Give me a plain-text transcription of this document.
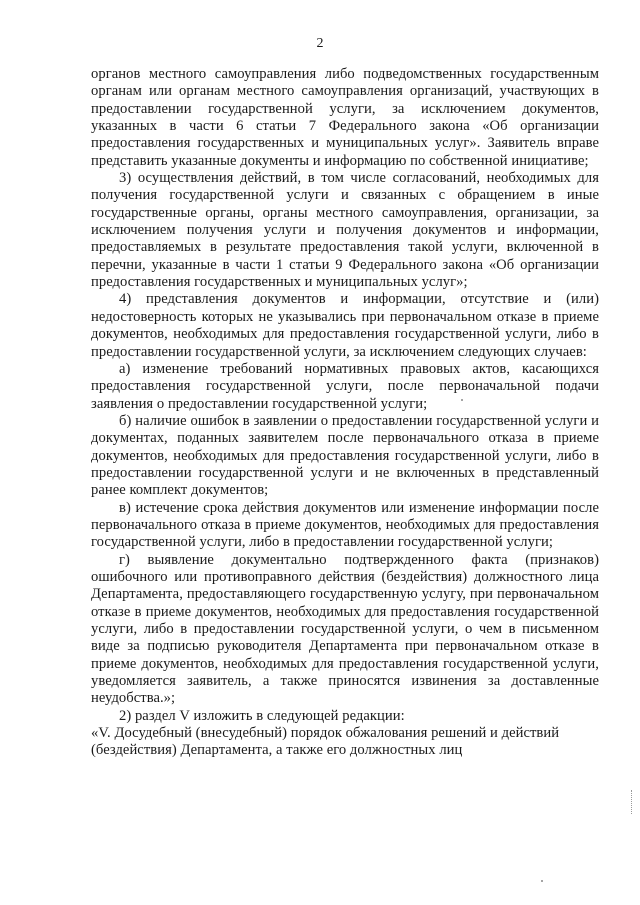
2

органов местного самоуправления либо подведомственных государственным органам или органам местного самоуправления организаций, участвующих в предоставлении государственной услуги, за исключением документов, указанных в части 6 статьи 7 Федерального закона «Об организации предоставления государственных и муниципальных услуг». Заявитель вправе представить указанные документы и информацию по собственной инициативе;

3) осуществления действий, в том числе согласований, необходимых для получения государственной услуги и связанных с обращением в иные государственные органы, органы местного самоуправления, организации, за исключением получения услуги и получения документов и информации, предоставляемых в результате предоставления такой услуги, включенной в перечни, указанные в части 1 статьи 9 Федерального закона «Об организации предоставления государственных и муниципальных услуг»;

4) представления документов и информации, отсутствие и (или) недостоверность которых не указывались при первоначальном отказе в приеме документов, необходимых для предоставления государственной услуги, либо в предоставлении государственной услуги, за исключением следующих случаев:

а) изменение требований нормативных правовых актов, касающихся предоставления государственной услуги, после первоначальной подачи заявления о предоставлении государственной услуги;

б) наличие ошибок в заявлении о предоставлении государственной услуги и документах, поданных заявителем после первоначального отказа в приеме документов, необходимых для предоставления государственной услуги, либо в предоставлении государственной услуги и не включенных в представленный ранее комплект документов;

в) истечение срока действия документов или изменение информации после первоначального отказа в приеме документов, необходимых для предоставления государственной услуги, либо в предоставлении государственной услуги;

г) выявление документально подтвержденного факта (признаков) ошибочного или противоправного действия (бездействия) должностного лица Департамента, предоставляющего государственную услугу, при первоначальном отказе в приеме документов, необходимых для предоставления государственной услуги, либо в предоставлении государственной услуги, о чем в письменном виде за подписью руководителя Департамента при первоначальном отказе в приеме документов, необходимых для предоставления государственной услуги, уведомляется заявитель, а также приносятся извинения за доставленные неудобства.»;

2) раздел V изложить в следующей редакции:

«V. Досудебный (внесудебный) порядок обжалования решений и действий

(бездействия) Департамента, а также его должностных лиц
